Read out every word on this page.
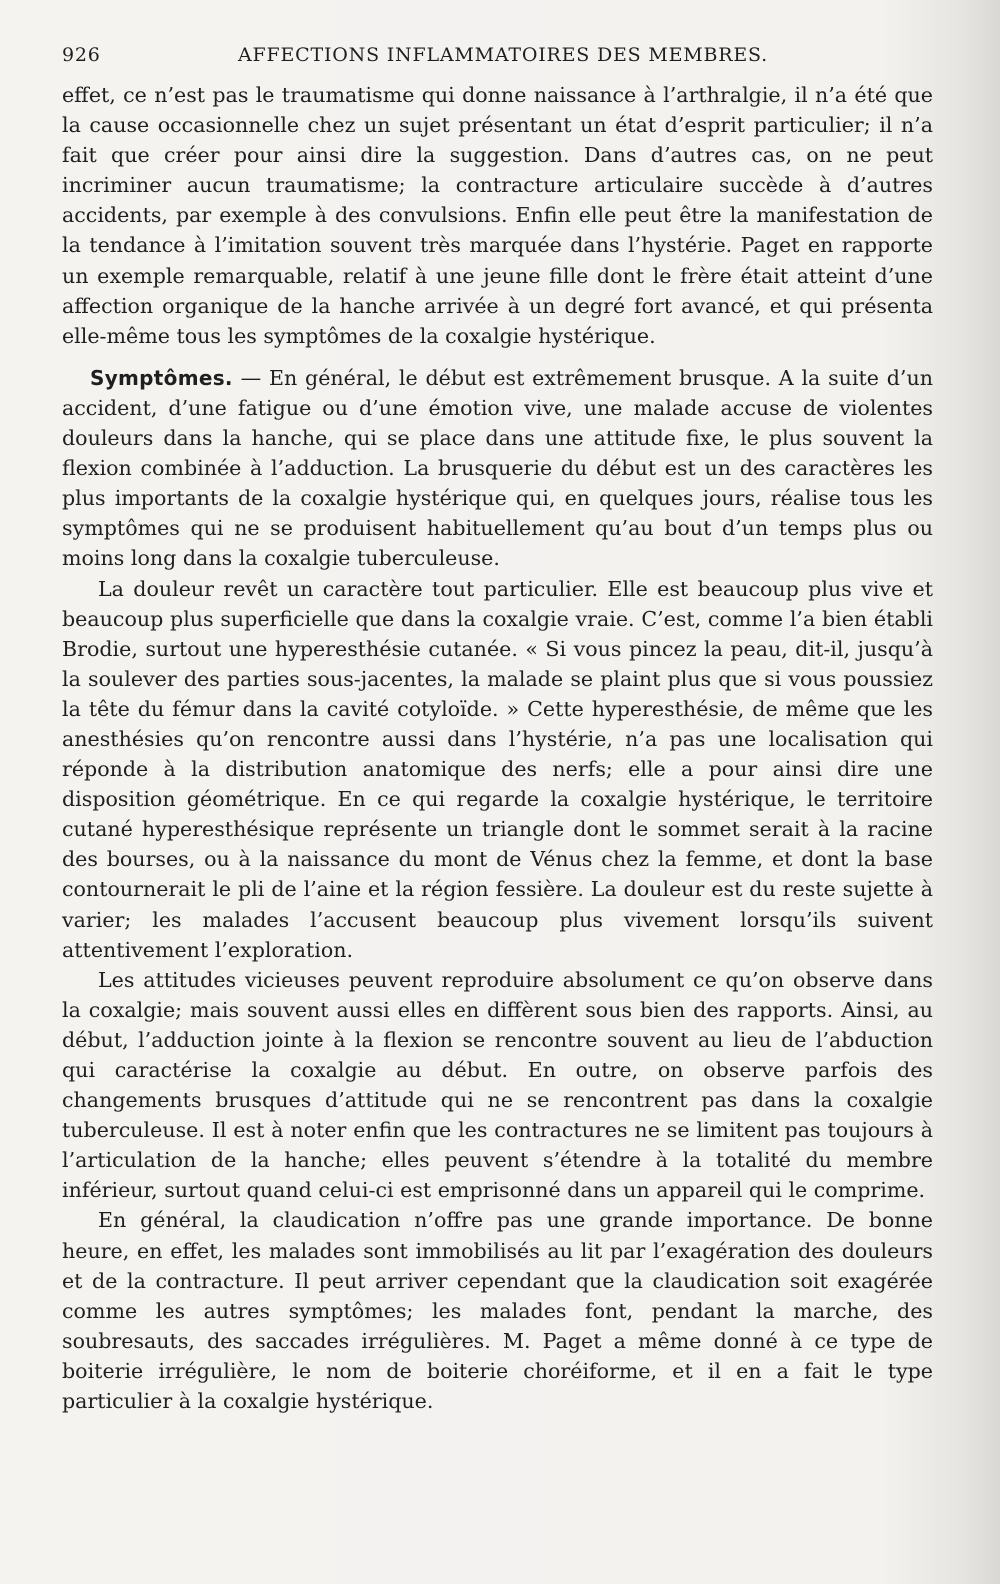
926	AFFECTIONS INFLAMMATOIRES DES MEMBRES.

effet, ce n’est pas le traumatisme qui donne naissance à l’arthralgie, il n’a été que la cause occasionnelle chez un sujet présentant un état d’esprit particulier; il n’a fait que créer pour ainsi dire la suggestion. Dans d’autres cas, on ne peut incriminer aucun traumatisme; la contracture articulaire succède à d’autres accidents, par exemple à des convulsions. Enfin elle peut être la manifestation de la tendance à l’imitation souvent très marquée dans l’hystérie. Paget en rapporte un exemple remarquable, relatif à une jeune fille dont le frère était atteint d’une affection organique de la hanche arrivée à un degré fort avancé, et qui présenta elle-même tous les symptômes de la coxalgie hystérique.

Symptômes. — En général, le début est extrêmement brusque. A la suite d’un accident, d’une fatigue ou d’une émotion vive, une malade accuse de violentes douleurs dans la hanche, qui se place dans une attitude fixe, le plus souvent la flexion combinée à l’adduction. La brusquerie du début est un des caractères les plus importants de la coxalgie hystérique qui, en quelques jours, réalise tous les symptômes qui ne se produisent habituellement qu’au bout d’un temps plus ou moins long dans la coxalgie tuberculeuse.

La douleur revêt un caractère tout particulier. Elle est beaucoup plus vive et beaucoup plus superficielle que dans la coxalgie vraie. C’est, comme l’a bien établi Brodie, surtout une hyperesthésie cutanée. « Si vous pincez la peau, dit-il, jusqu’à la soulever des parties sous-jacentes, la malade se plaint plus que si vous poussiez la tête du fémur dans la cavité cotyloïde. » Cette hyperesthésie, de même que les anesthésies qu’on rencontre aussi dans l’hystérie, n’a pas une localisation qui réponde à la distribution anatomique des nerfs; elle a pour ainsi dire une disposition géométrique. En ce qui regarde la coxalgie hystérique, le territoire cutané hyperesthésique représente un triangle dont le sommet serait à la racine des bourses, ou à la naissance du mont de Vénus chez la femme, et dont la base contournerait le pli de l’aine et la région fessière. La douleur est du reste sujette à varier; les malades l’accusent beaucoup plus vivement lorsqu’ils suivent attentivement l’exploration.

Les attitudes vicieuses peuvent reproduire absolument ce qu’on observe dans la coxalgie; mais souvent aussi elles en diffèrent sous bien des rapports. Ainsi, au début, l’adduction jointe à la flexion se rencontre souvent au lieu de l’abduction qui caractérise la coxalgie au début. En outre, on observe parfois des changements brusques d’attitude qui ne se rencontrent pas dans la coxalgie tuberculeuse. Il est à noter enfin que les contractures ne se limitent pas toujours à l’articulation de la hanche; elles peuvent s’étendre à la totalité du membre inférieur, surtout quand celui-ci est emprisonné dans un appareil qui le comprime.

En général, la claudication n’offre pas une grande importance. De bonne heure, en effet, les malades sont immobilisés au lit par l’exagération des douleurs et de la contracture. Il peut arriver cependant que la claudication soit exagérée comme les autres symptômes; les malades font, pendant la marche, des soubresauts, des saccades irrégulières. M. Paget a même donné à ce type de boiterie irrégulière, le nom de boiterie choréiforme, et il en a fait le type particulier à la coxalgie hystérique.
